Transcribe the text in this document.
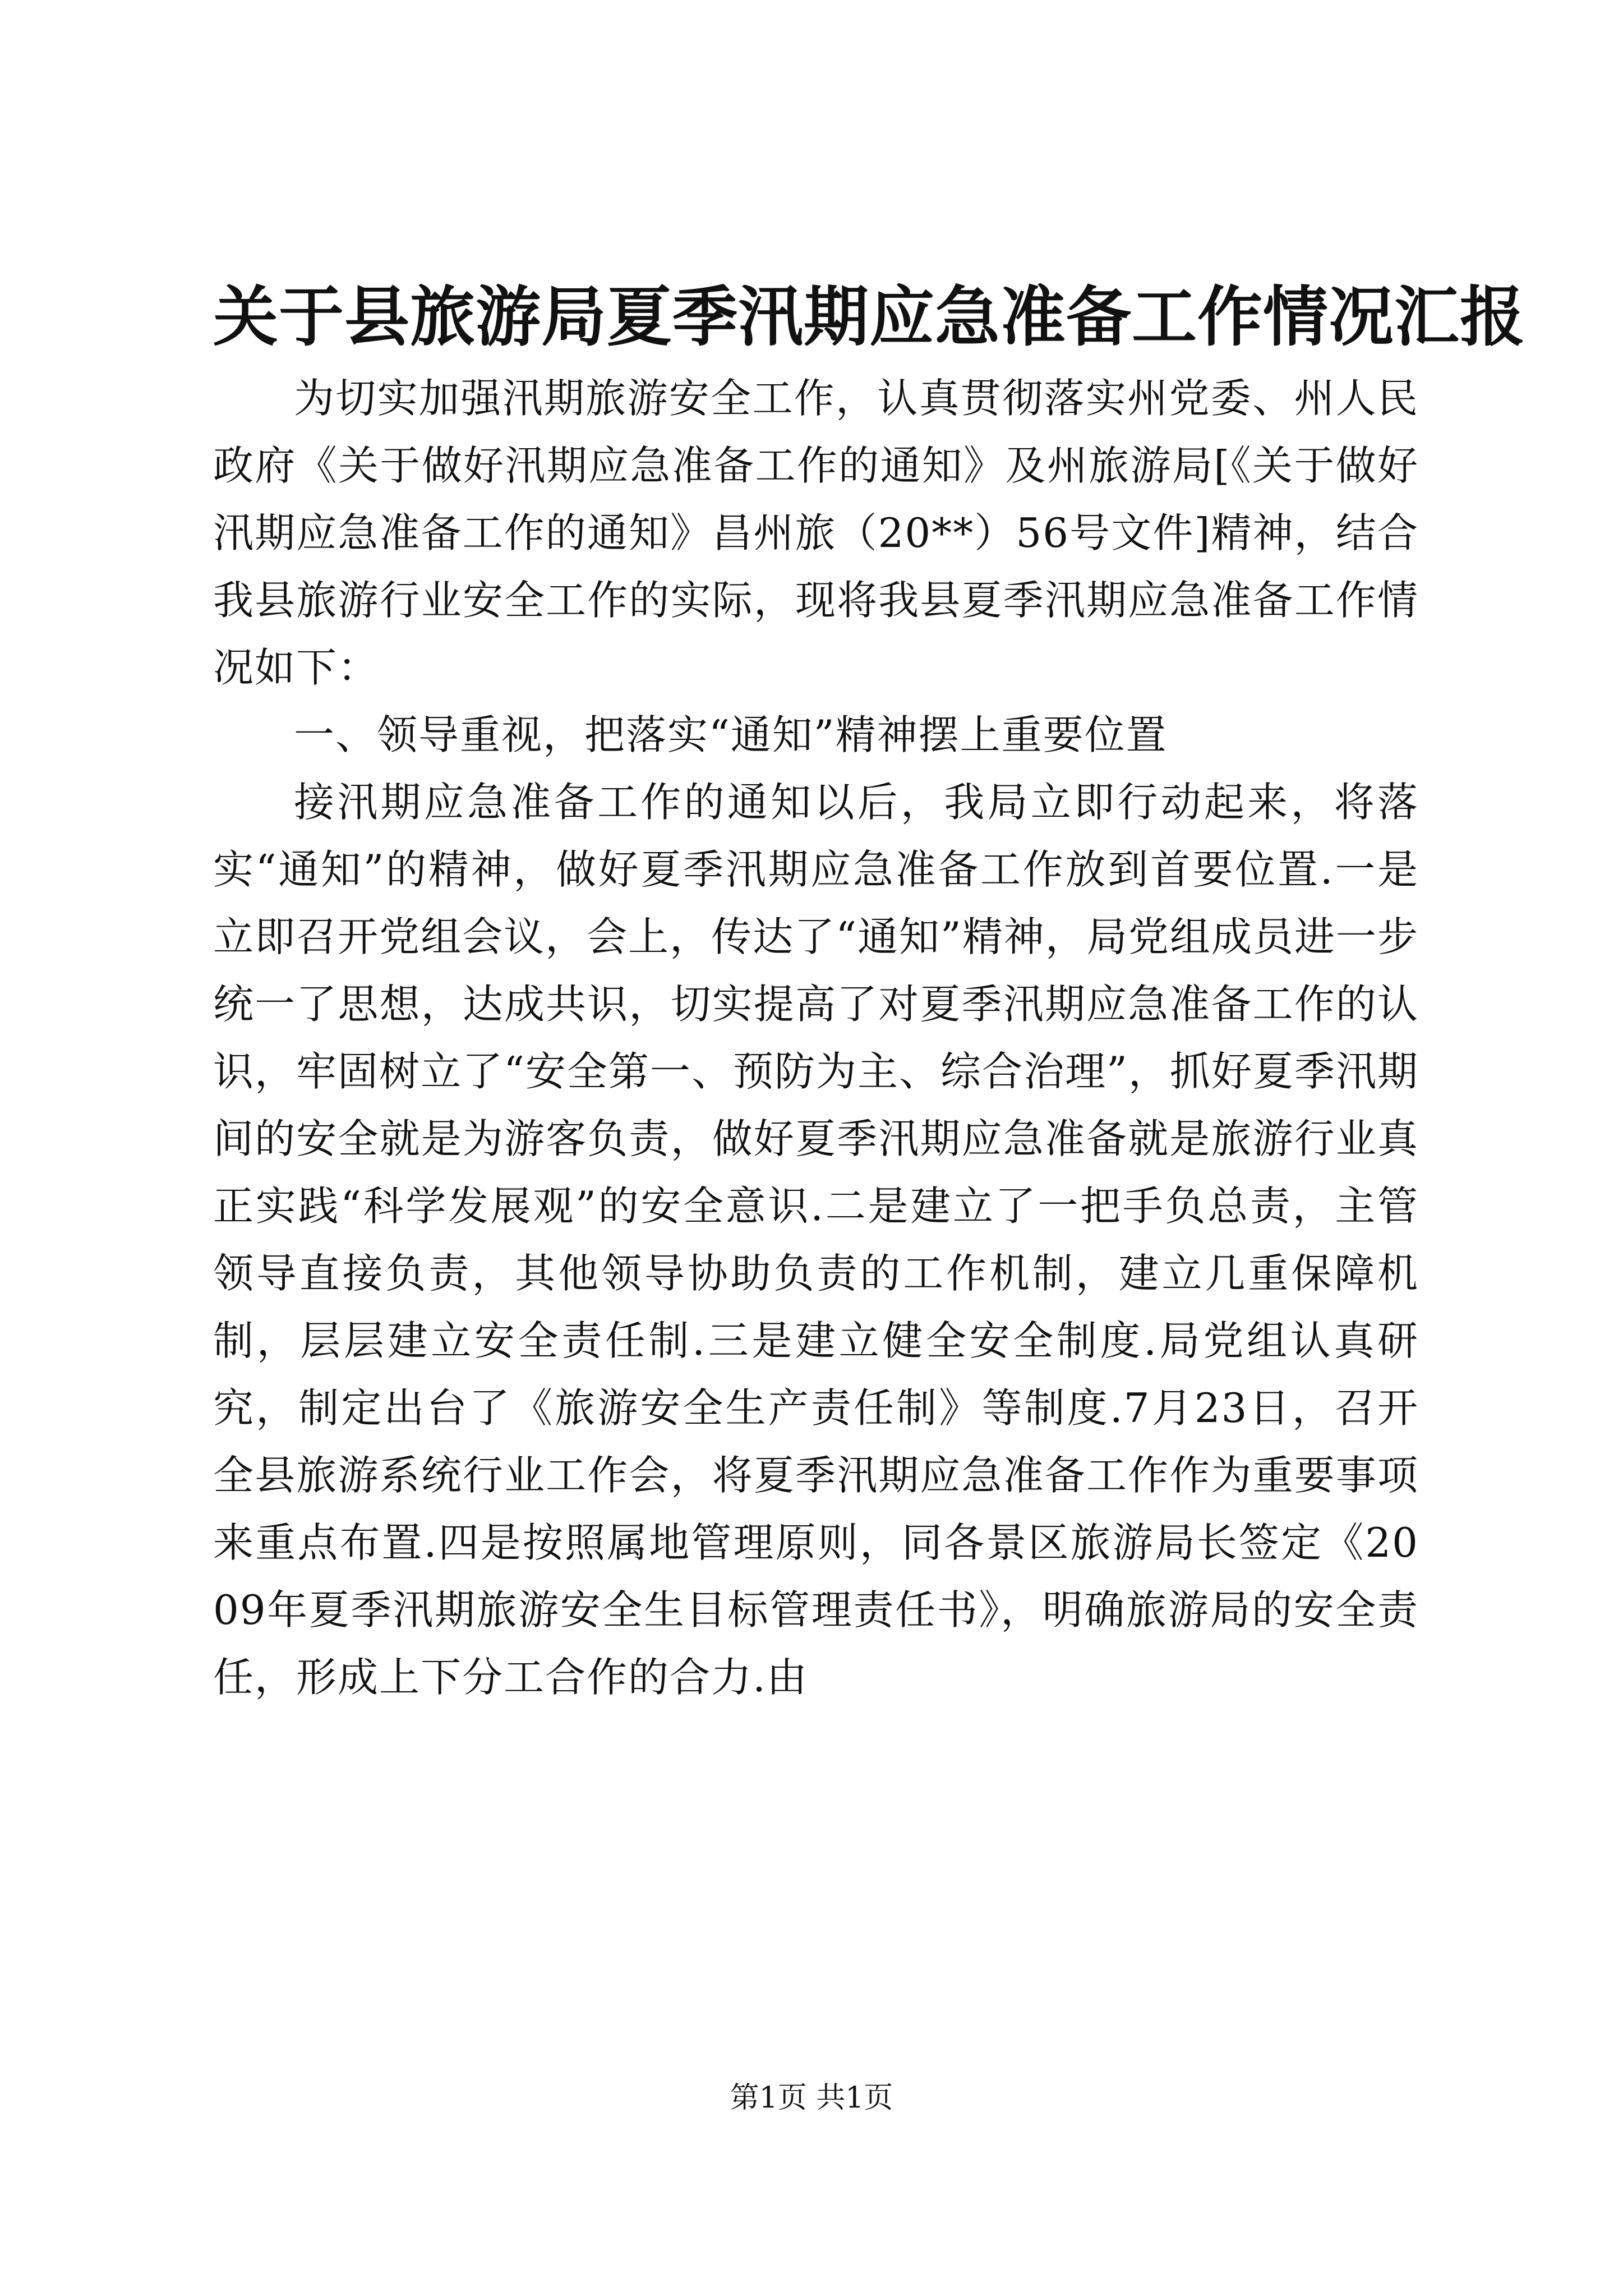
关于县旅游局夏季汛期应急准备工作情况汇报

为切实加强汛期旅游安全工作，认真贯彻落实州党委、州人民政府《关于做好汛期应急准备工作的通知》及州旅游局[《关于做好汛期应急准备工作的通知》昌州旅（20**）56号文件]精神，结合我县旅游行业安全工作的实际，现将我县夏季汛期应急准备工作情况如下：

一、领导重视，把落实“通知”精神摆上重要位置

接汛期应急准备工作的通知以后，我局立即行动起来，将落实“通知”的精神，做好夏季汛期应急准备工作放到首要位置.一是立即召开党组会议，会上，传达了“通知”精神，局党组成员进一步统一了思想，达成共识，切实提高了对夏季汛期应急准备工作的认识，牢固树立了“安全第一、预防为主、综合治理”，抓好夏季汛期间的安全就是为游客负责，做好夏季汛期应急准备就是旅游行业真正实践“科学发展观”的安全意识.二是建立了一把手负总责，主管领导直接负责，其他领导协助负责的工作机制，建立几重保障机制，层层建立安全责任制.三是建立健全安全制度.局党组认真研究，制定出台了《旅游安全生产责任制》等制度.7月23日，召开全县旅游系统行业工作会，将夏季汛期应急准备工作作为重要事项来重点布置.四是按照属地管理原则，同各景区旅游局长签定《2009年夏季汛期旅游安全生目标管理责任书》，明确旅游局的安全责任，形成上下分工合作的合力.由

第1页 共1页
